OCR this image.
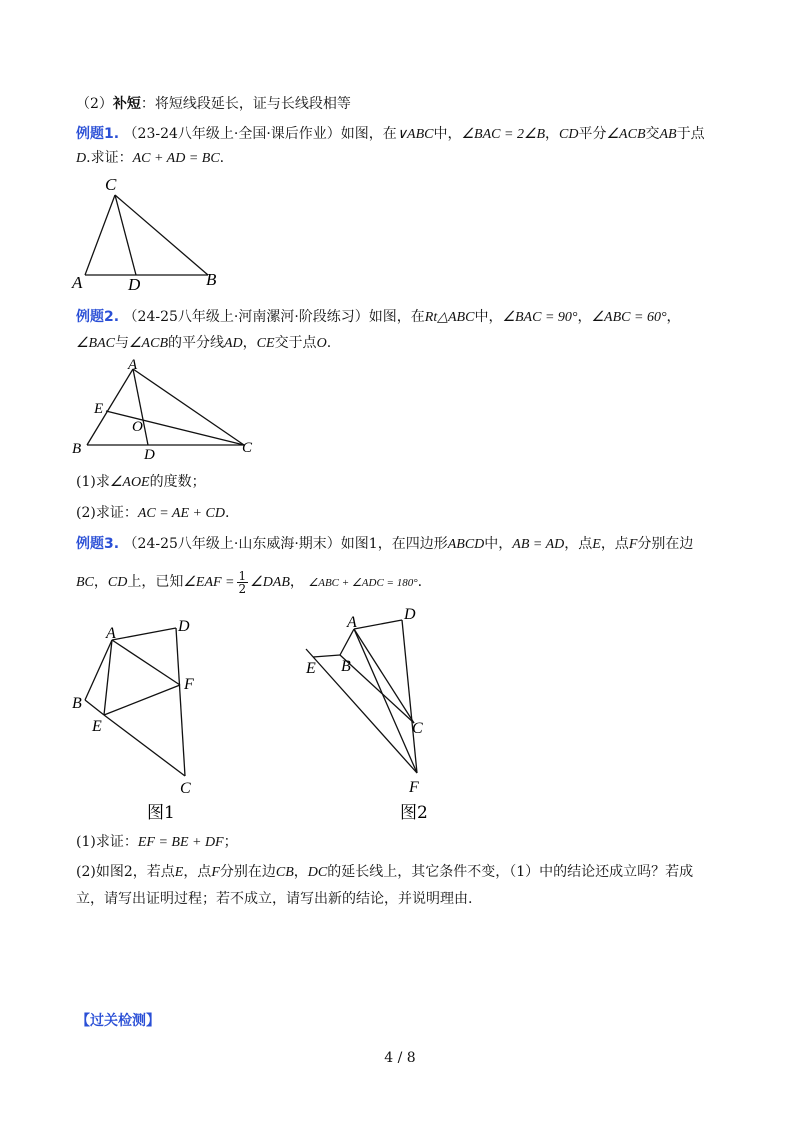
（2）补短：将短线段延长，证与长线段相等
例题1. （23-24八年级上·全国·课后作业）如图，在∨ABC中，∠BAC = 2∠B，CD平分∠ACB交AB于点
D.求证：AC + AD = BC.
C
A	D	B
例题2. （24-25八年级上·河南漯河·阶段练习）如图，在Rt△ABC中，∠BAC = 90°，∠ABC = 60°，
∠BAC与∠ACB的平分线AD，CE交于点O.
A
E
O
B	D	C
(1)求∠AOE的度数；
(2)求证：AC = AE + CD.
例题3. （24-25八年级上·山东威海·期末）如图1，在四边形ABCD中，AB = AD，点E，点F分别在边
BC，CD上，已知∠EAF = $\frac{1}{2}$ ∠DAB， ∠ABC + ∠ADC = 180°.
A	D
F
B
E
C
图1
A	D
B
E
C
F
图2
(1)求证：EF = BE + DF；
(2)如图2，若点E，点F分别在边CB，DC的延长线上，其它条件不变，（1）中的结论还成立吗？若成
立，请写出证明过程；若不成立，请写出新的结论，并说明理由.
【过关检测】
4 / 8
